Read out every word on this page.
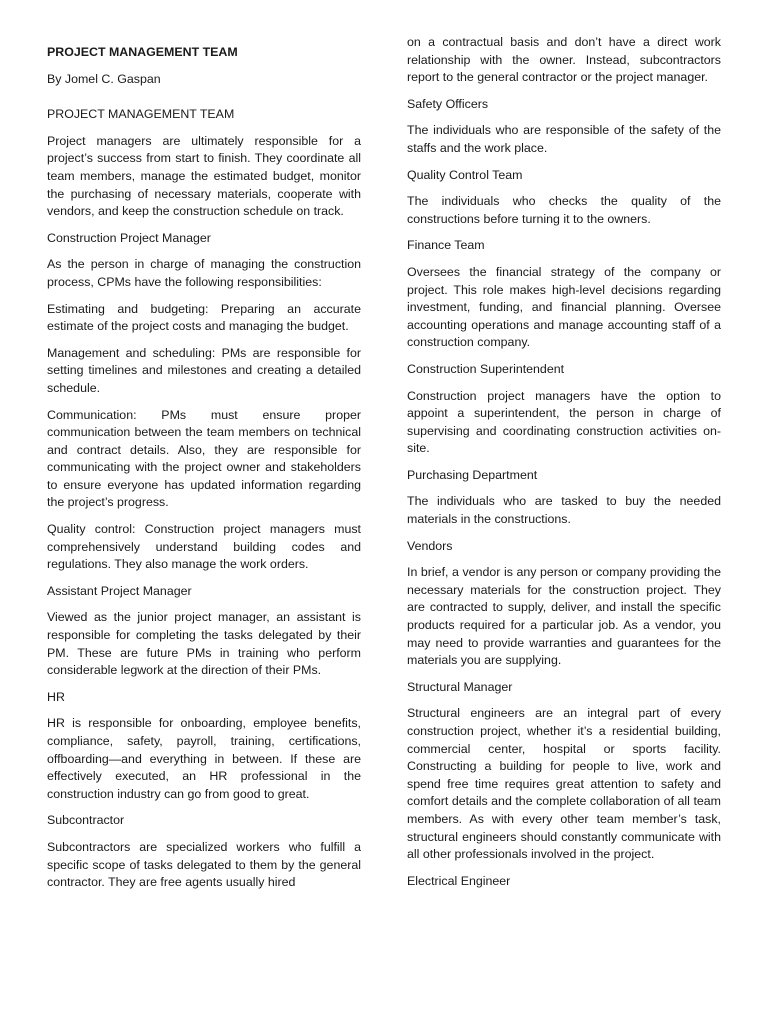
PROJECT MANAGEMENT TEAM
By Jomel C. Gaspan
PROJECT MANAGEMENT TEAM

Project managers are ultimately responsible for a project’s success from start to finish. They coordinate all team members, manage the estimated budget, monitor the purchasing of necessary materials, cooperate with vendors, and keep the construction schedule on track.

Construction Project Manager

As the person in charge of managing the construction process, CPMs have the following responsibilities:

Estimating and budgeting: Preparing an accurate estimate of the project costs and managing the budget.

Management and scheduling: PMs are responsible for setting timelines and milestones and creating a detailed schedule.

Communication: PMs must ensure proper communication between the team members on technical and contract details. Also, they are responsible for communicating with the project owner and stakeholders to ensure everyone has updated information regarding the project’s progress.

Quality control: Construction project managers must comprehensively understand building codes and regulations. They also manage the work orders.

Assistant Project Manager

Viewed as the junior project manager, an assistant is responsible for completing the tasks delegated by their PM. These are future PMs in training who perform considerable legwork at the direction of their PMs.

HR

HR is responsible for onboarding, employee benefits, compliance, safety, payroll, training, certifications, offboarding—and everything in between. If these are effectively executed, an HR professional in the construction industry can go from good to great.

Subcontractor

Subcontractors are specialized workers who fulfill a specific scope of tasks delegated to them by the general contractor. They are free agents usually hired

on a contractual basis and don’t have a direct work relationship with the owner. Instead, subcontractors report to the general contractor or the project manager.

Safety Officers

The individuals who are responsible of the safety of the staffs and the work place.

Quality Control Team

The individuals who checks the quality of the constructions before turning it to the owners.

Finance Team

Oversees the financial strategy of the company or project. This role makes high-level decisions regarding investment, funding, and financial planning. Oversee accounting operations and manage accounting staff of a construction company.

Construction Superintendent

Construction project managers have the option to appoint a superintendent, the person in charge of supervising and coordinating construction activities on-site.

Purchasing Department

The individuals who are tasked to buy the needed materials in the constructions.

Vendors

In brief, a vendor is any person or company providing the necessary materials for the construction project. They are contracted to supply, deliver, and install the specific products required for a particular job. As a vendor, you may need to provide warranties and guarantees for the materials you are supplying.

Structural Manager

Structural engineers are an integral part of every construction project, whether it’s a residential building, commercial center, hospital or sports facility. Constructing a building for people to live, work and spend free time requires great attention to safety and comfort details and the complete collaboration of all team members. As with every other team member’s task, structural engineers should constantly communicate with all other professionals involved in the project.

Electrical Engineer
